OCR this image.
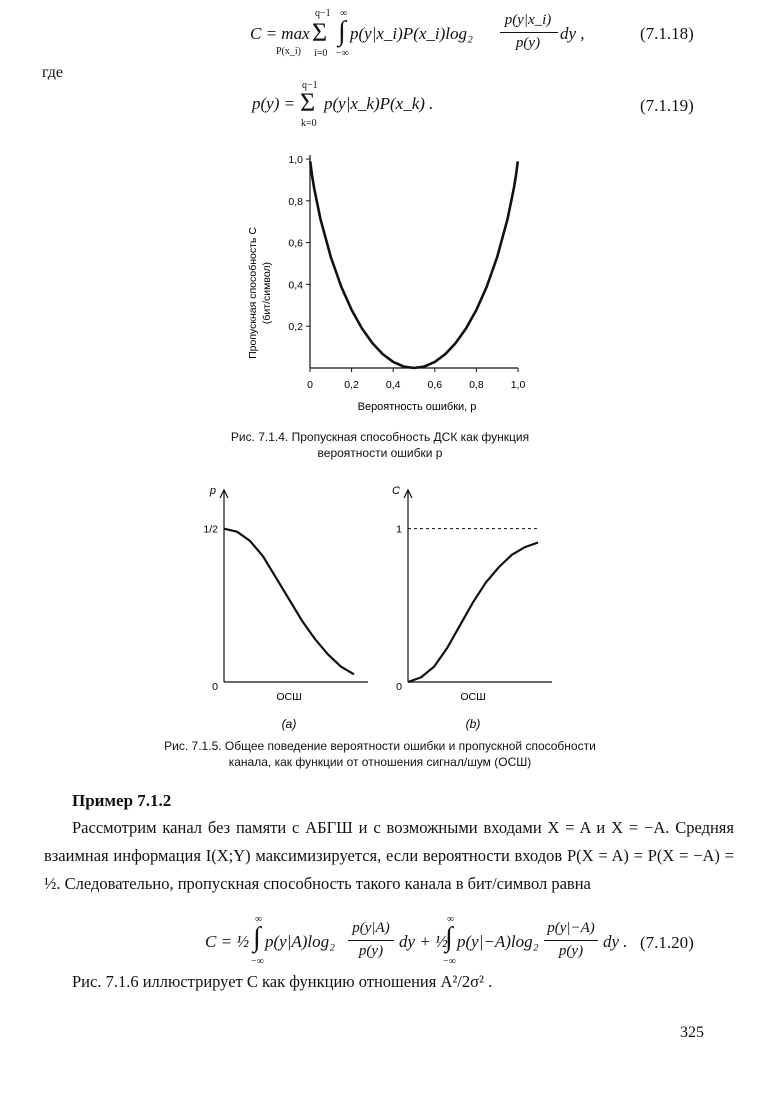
C = max
P(x_i)
q−1
Σ
i=0
∞
∫
−∞
p(y|x_i)P(x_i)log₂
p(y|x_i)
p(y)	dy ,	(7.1.18)
где
p(y) =
q−1
Σ
k=0
p(y|x_k)P(x_k) .	(7.1.19)
Пропускная способность C (бит/символ)
Вероятность ошибки, p
0	0,2	0,4	0,6	0,8	1,0
0,2
0,4
0,6
0,8
1,0
Рис. 7.1.4. Пропускная способность ДСК как функция
вероятности ошибки p
p
0
ОСШ
(a)
1/2
C
0
ОСШ
(b)
1
Рис. 7.1.5. Общее поведение вероятности ошибки и пропускной способности
канала, как функции от отношения сигнал/шум (ОСШ)
Пример 7.1.2
Рассмотрим канал без памяти с АБГШ и с возможными входами X = A и X = −A. Средняя взаимная информация I(X;Y) максимизируется, если вероятности входов P(X = A) = P(X = −A) = ½. Следовательно, пропускная способность такого канала в бит/символ равна
C = ½
∞
∫
−∞
p(y|A)log₂
p(y|A)
p(y) dy + ½
∞
∫
−∞
p(y|−A)log₂
p(y|−A)
p(y)	dy . (7.1.20)
Рис. 7.1.6 иллюстрирует C как функцию отношения A²/2σ² .
325
